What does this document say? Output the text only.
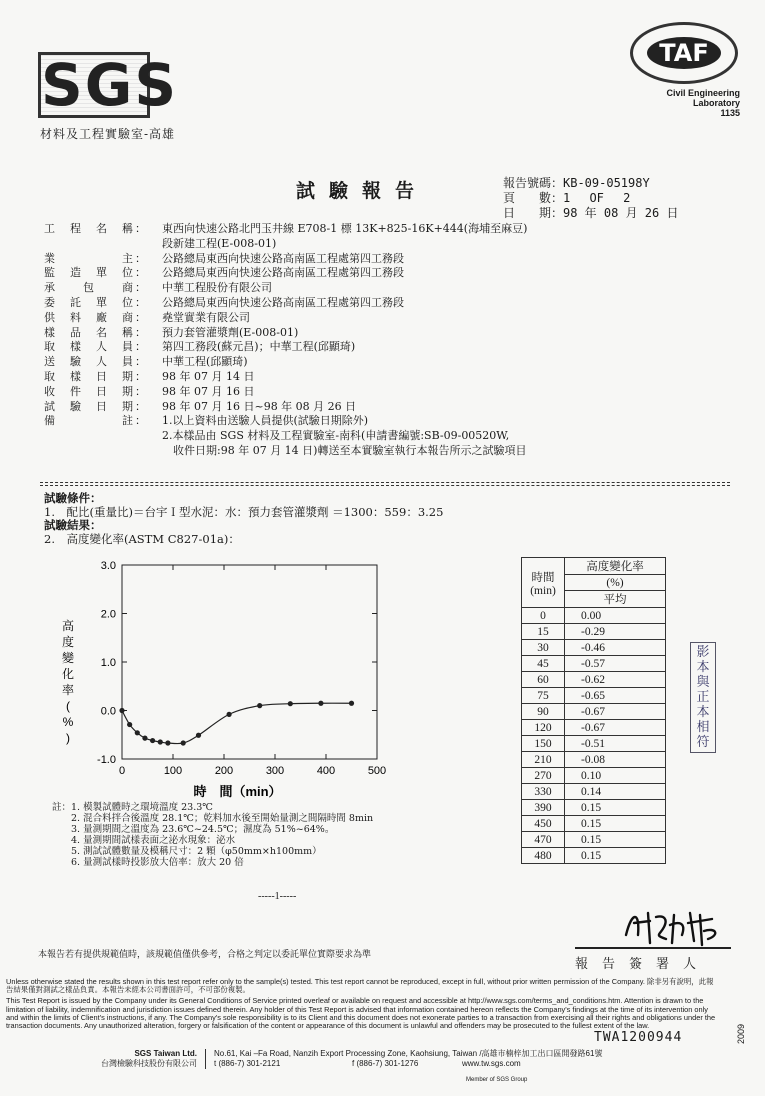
SGS
材料及工程實驗室-高雄
TAF
Civil Engineering
Laboratory
1135
試驗報告	報告號碼：KB-09-05198Y
頁　　數：1　 OF　 2
日　　期：98 年 08 月 26 日
工　程　名　稱：	東西向快速公路北門玉井線 E708-1 標 13K+825-16K+444(海埔至麻豆)
段新建工程(E-008-01)
業　　　　　主：	公路總局東西向快速公路高南區工程處第四工務段
監　造　單　位：	公路總局東西向快速公路高南區工程處第四工務段
承　　包　　商：	中華工程股份有限公司
委　託　單　位：	公路總局東西向快速公路高南區工程處第四工務段
供　料　廠　商：	堯堂實業有限公司
樣　品　名　稱：	預力套管灌漿劑(E-008-01)
取　樣　人　員：	第四工務段(蘇元昌)；中華工程(邱顯琦)
送　驗　人　員：	中華工程(邱顯琦)
取　樣　日　期：	98 年 07 月 14 日
收　件　日　期：	98 年 07 月 16 日
試　驗　日　期：	98 年 07 月 16 日~98 年 08 月 26 日
備　　　　　註：	1.以上資料由送驗人員提供(試驗日期除外)
2.本樣品由 SGS 材料及工程實驗室-南科(申請書編號:SB-09-00520W,
　收件日期:98 年 07 月 14 日)轉送至本實驗室執行本報告所示之試驗項目
試驗條件：
1.　配比(重量比)＝台宇Ｉ型水泥：水：預力套管灌漿劑 ＝1300：559：3.25
試驗結果：
2.　高度變化率(ASTM C827-01a)：
-1.0
0.0
1.0
2.0
3.0
0	100	200	300	400	500
時　間（min）
高度變化率( % )
時間
(min)	高度變化率
	(%)
	平均
0	0.00
15	-0.29
30	-0.46
45	-0.57
60	-0.62
75	-0.65
90	-0.67
120	-0.67
150	-0.51
210	-0.08
270	0.10
330	0.14
390	0.15
450	0.15
470	0.15
480	0.15
影本與正本相符
註：1. 模製試體時之環境溫度 23.3℃
　　2. 混合料拌合後溫度 28.1℃；乾料加水後至開始量測之間隔時間 8min
　　3. 量測期間之溫度為 23.6℃~24.5℃；濕度為 51%~64%。
　　4. 量測期間試樣表面之泌水現象：泌水
　　5. 測試試體數量及模稱尺寸：2 顆（φ50mm×h100mm）
　　6. 量測試樣時投影放大倍率：放大 20 倍
-----1-----
本報告若有提供規範值時，該規範值僅供參考，合格之判定以委託單位實際要求為準
報告簽署人

Unless otherwise stated the results shown in this test report refer only to the sample(s) tested. This test report cannot be reproduced, except in full, without prior written permission of the Company. 除非另有說明，此報告結果僅對測試之樣品負責。本報告未經本公司書面許可，不可部份複製。

This Test Report is issued by the Company under its General Conditions of Service printed overleaf or available on request and accessible at http://www.sgs.com/terms_and_conditions.htm. Attention is drawn to the limitation of liability, indemnification and jurisdiction issues defined therein. Any holder of this Test Report is advised that information contained hereon reflects the Company's findings at the time of its intervention only and within the limits of Client's instructions, if any. The Company's sole responsibility is to its Client and this document does not exonerate parties to a transaction from exercising all their rights and obligations under the transaction documents. Any unauthorized alteration, forgery or falsification of the content or appearance of this document is unlawful and offenders may be prosecuted to the fullest extent of the law.

TWA1200944	2009
SGS Taiwan Ltd.
台灣檢驗科技股份有限公司
No.61, Kai –Fa Road, Nanzih Export Processing Zone, Kaohsiung, Taiwan /高雄市楠梓加工出口區開發路61號
t (886-7) 301-2121	f (886-7) 301-1276	www.tw.sgs.com
Member of SGS Group
